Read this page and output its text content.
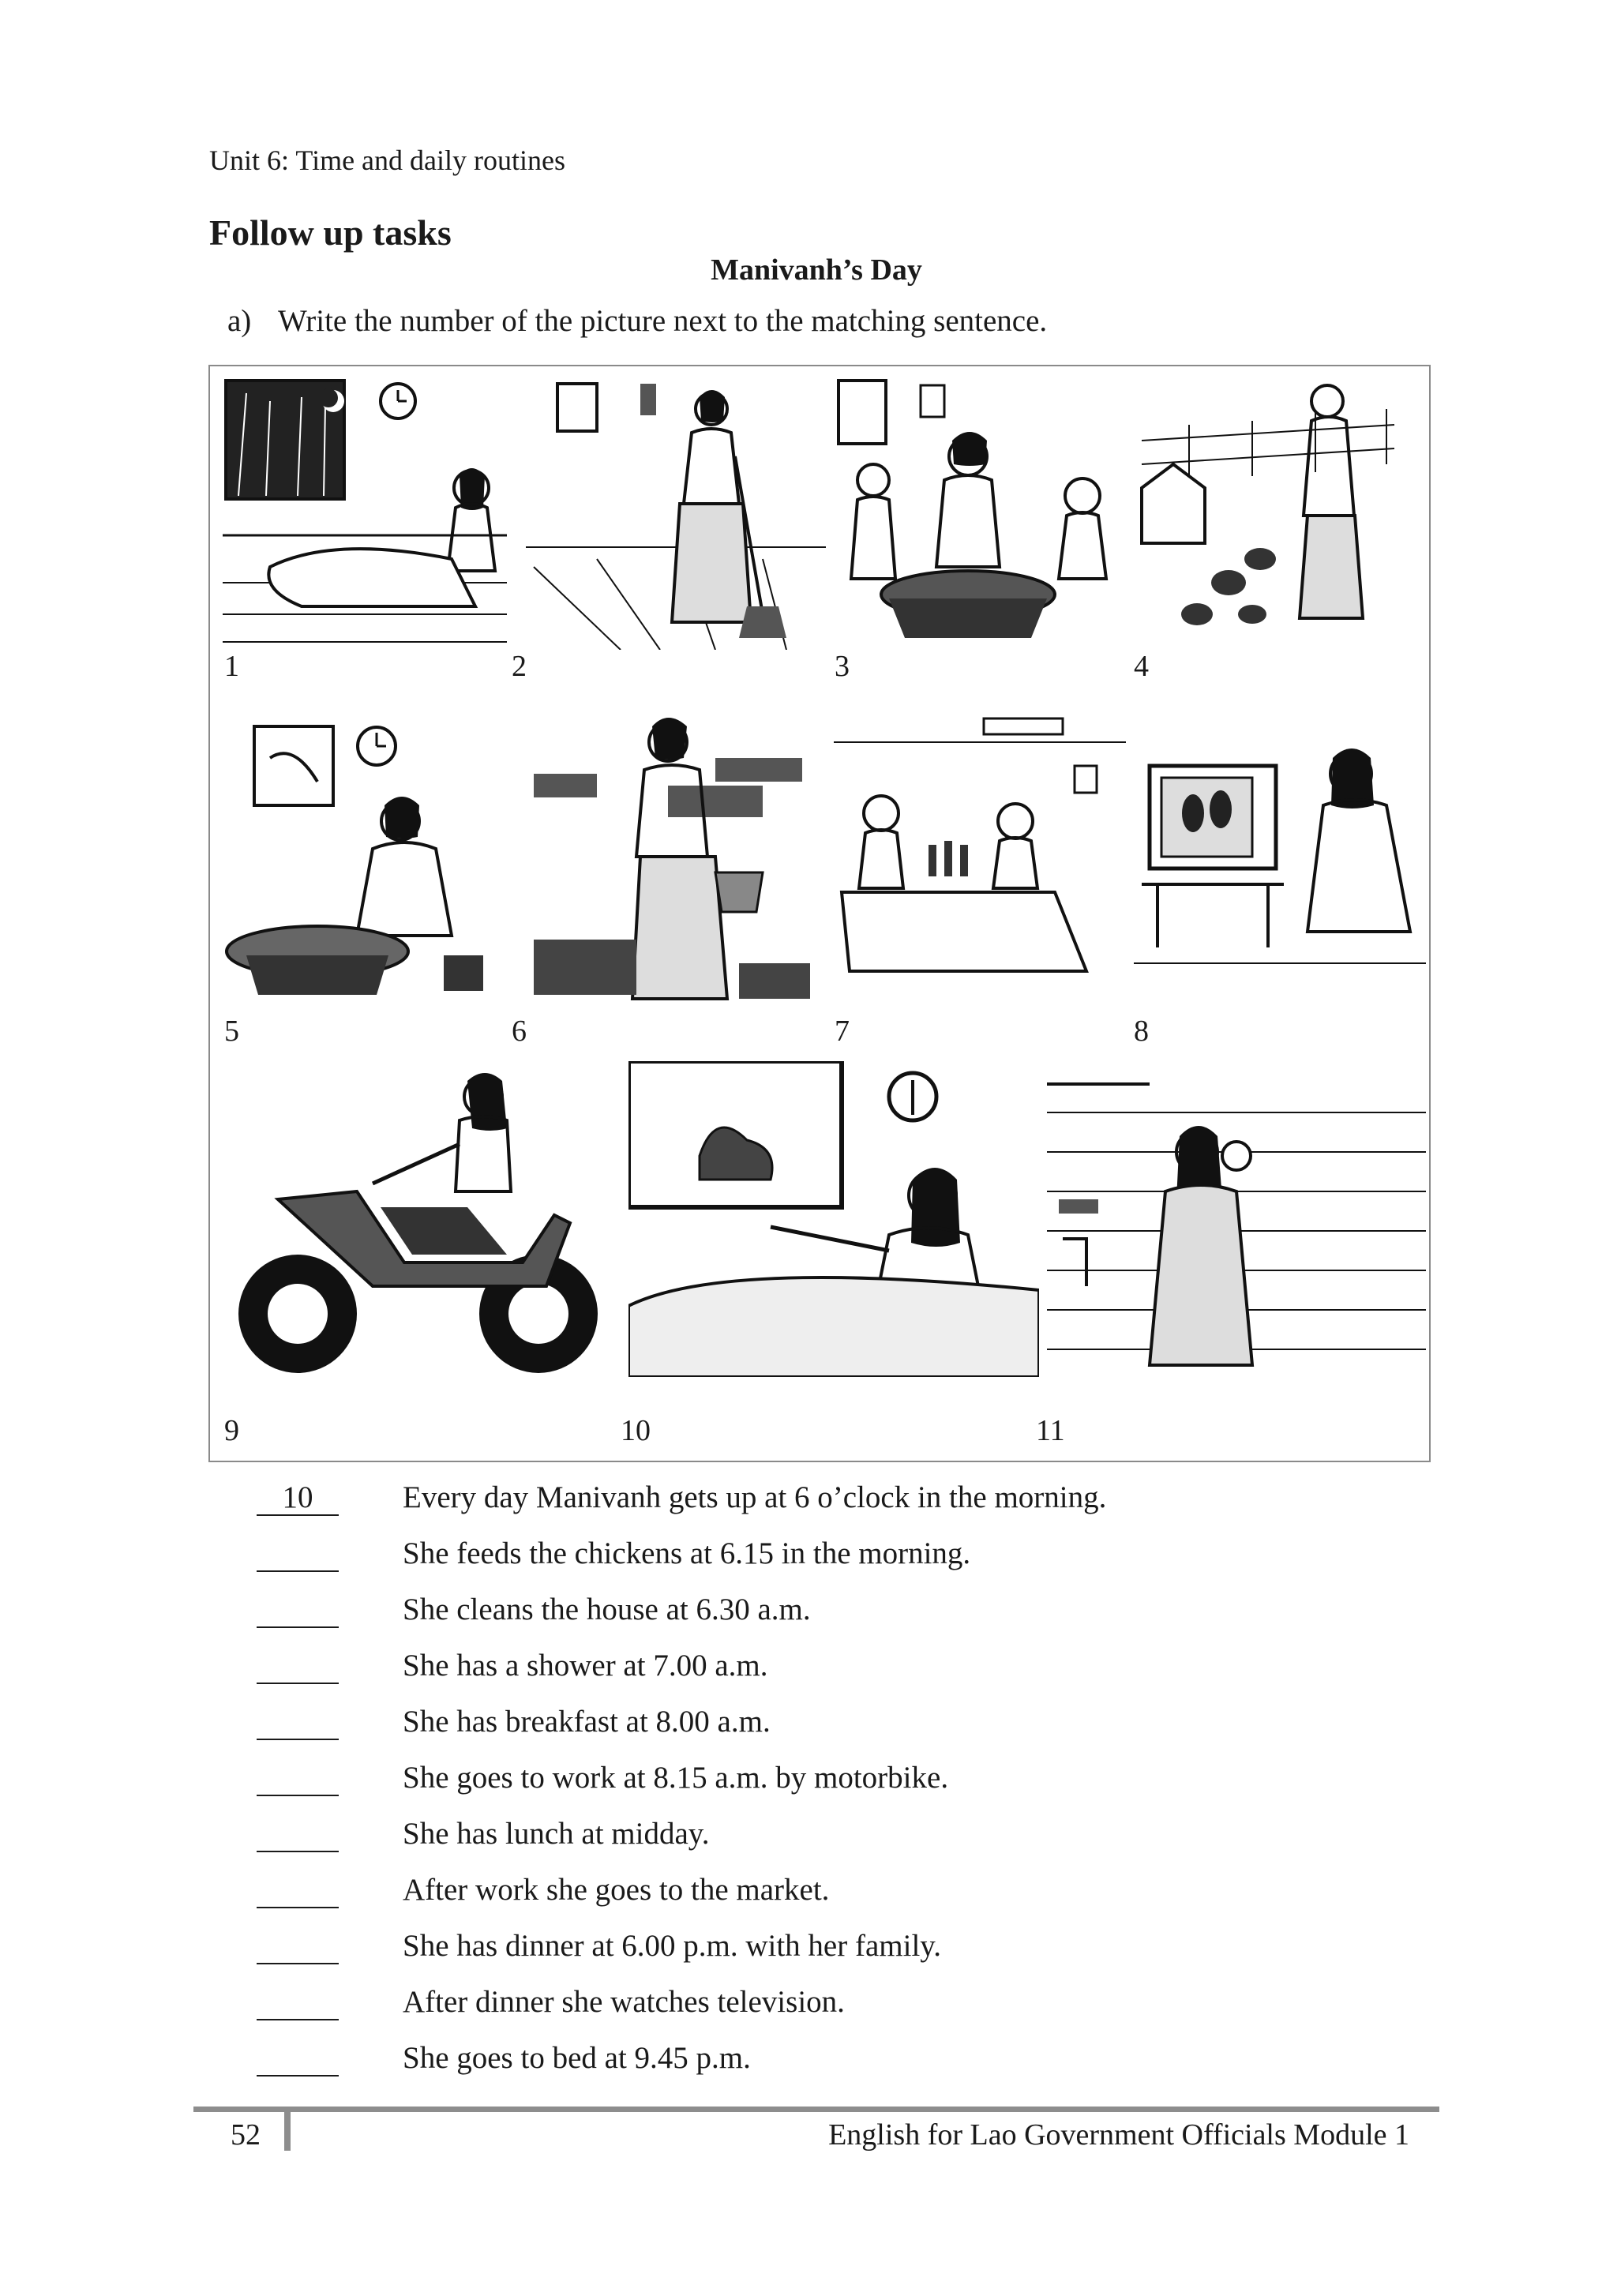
Unit 6: Time and daily routines
Follow up tasks
Manivanh’s Day
a) Write the number of the picture next to the matching sentence.
1	2	3	4
5	6	7	8
9	10	11
10	Every day Manivanh gets up at 6 o’clock in the morning.
She feeds the chickens at 6.15 in the morning.
She cleans the house at 6.30 a.m.
She has a shower at 7.00 a.m.
She has breakfast at 8.00 a.m.
She goes to work at 8.15 a.m. by motorbike.
She has lunch at midday.
After work she goes to the market.
She has dinner at 6.00 p.m. with her family.
After dinner she watches television.
She goes to bed at 9.45 p.m.
52	English for Lao Government Officials Module 1
